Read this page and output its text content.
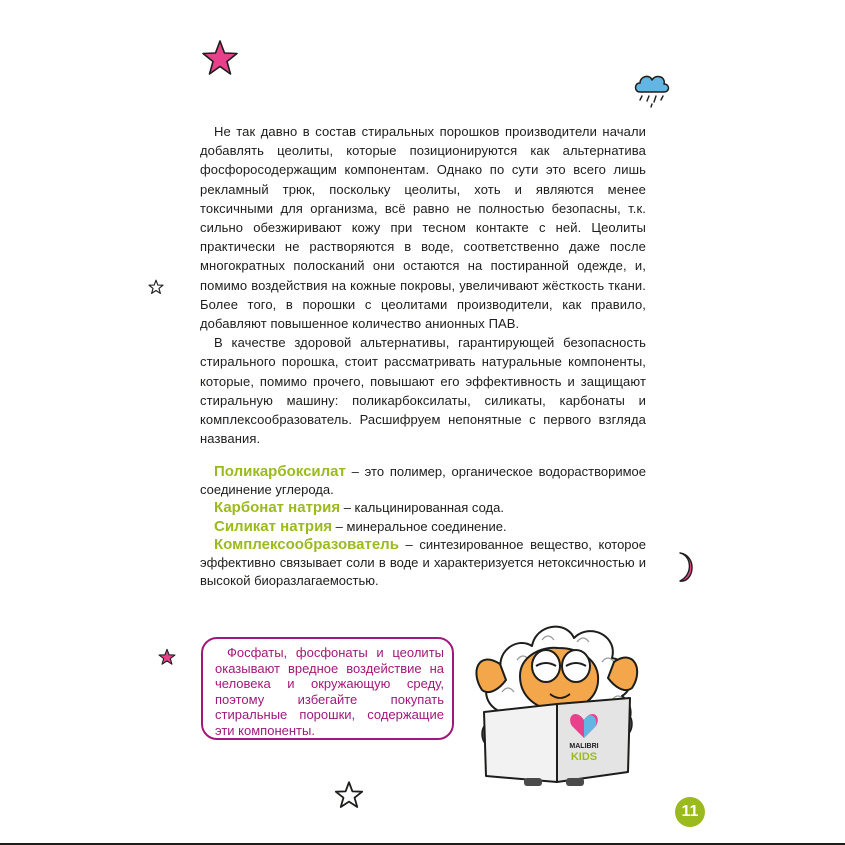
Не так давно в состав стиральных порошков производители начали добавлять цеолиты, которые позиционируются как альтернатива фосфоросодержащим компонентам. Однако по сути это всего лишь рекламный трюк, поскольку цеолиты, хоть и являются менее токсичными для организма, всё равно не полностью безопасны, т.к. сильно обезжиривают кожу при тесном контакте с ней. Цеолиты практически не растворяются в воде, соответственно даже после многократных полосканий они остаются на постиранной одежде, и, помимо воздействия на кожные покровы, увеличивают жёсткость ткани. Более того, в порошки с цеолитами производители, как правило, добавляют повышенное количество анионных ПАВ.

В качестве здоровой альтернативы, гарантирующей безопасность стирального порошка, стоит рассматривать натуральные компоненты, которые, помимо прочего, повышают его эффективность и защищают стиральную машину: поликарбоксилаты, силикаты, карбонаты и комплексообразователь. Расшифруем непонятные с первого взгляда названия.

Поликарбоксилат – это полимер, органическое водорастворимое соединение углерода.

Карбонат натрия – кальцинированная сода.

Силикат натрия – минеральное соединение.

Комплексообразователь – синтезированное вещество, которое эффективно связывает соли в воде и характеризуется нетоксичностью и высокой биоразлагаемостью.

Фосфаты, фосфонаты и цеолиты оказывают вредное воздействие на человека и окружающую среду, поэтому избегайте покупать стиральные порошки, содержащие эти компоненты.
MALIBRI
KIDS
11
